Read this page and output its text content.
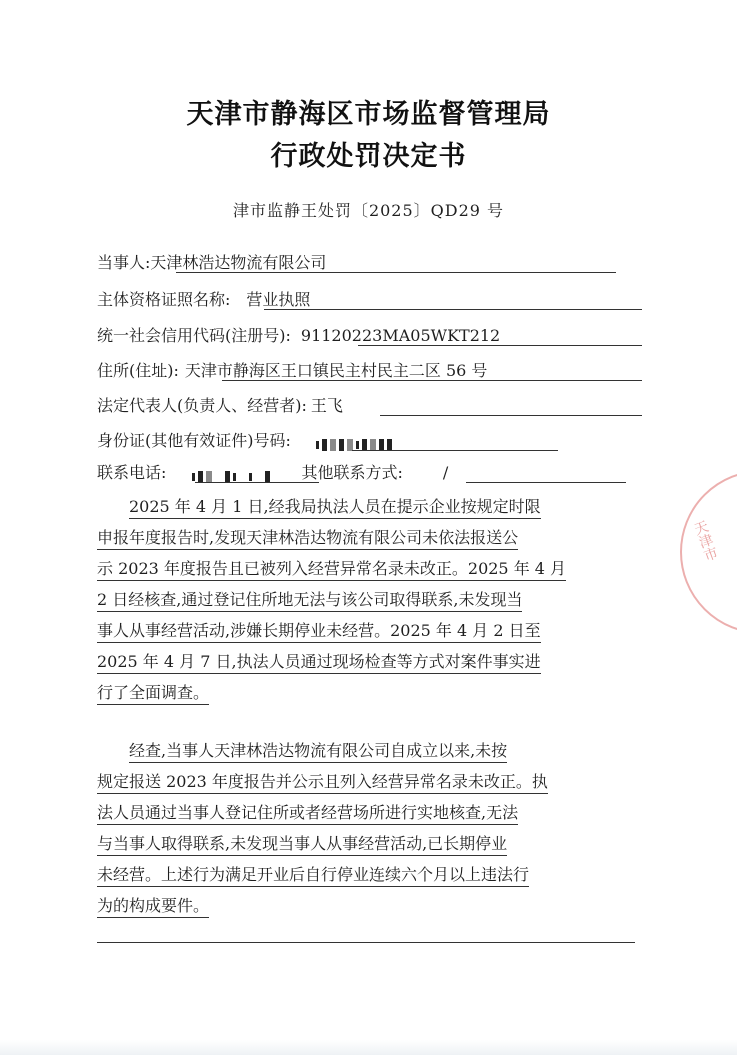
天津市静海区市场监督管理局
行政处罚决定书
津市监静王处罚〔2025〕QD29 号
当事人:天津林浩达物流有限公司
主体资格证照名称: 营业执照
统一社会信用代码(注册号): 91120223MA05WKT212
住所(住址): 天津市静海区王口镇民主村民主二区 56 号
法定代表人(负责人、经营者): 王飞
身份证(其他有效证件)号码:
联系电话:	其他联系方式:	/
2025 年 4 月 1 日,经我局执法人员在提示企业按规定时限
申报年度报告时,发现天津林浩达物流有限公司未依法报送公
示 2023 年度报告且已被列入经营异常名录未改正。2025 年 4 月
2 日经核查,通过登记住所地无法与该公司取得联系,未发现当
事人从事经营活动,涉嫌长期停业未经营。2025 年 4 月 2 日至
2025 年 4 月 7 日,执法人员通过现场检查等方式对案件事实进
行了全面调查。
经查,当事人天津林浩达物流有限公司自成立以来,未按
规定报送 2023 年度报告并公示且列入经营异常名录未改正。执
法人员通过当事人登记住所或者经营场所进行实地核查,无法
与当事人取得联系,未发现当事人从事经营活动,已长期停业
未经营。上述行为满足开业后自行停业连续六个月以上违法行
为的构成要件。
天津市
